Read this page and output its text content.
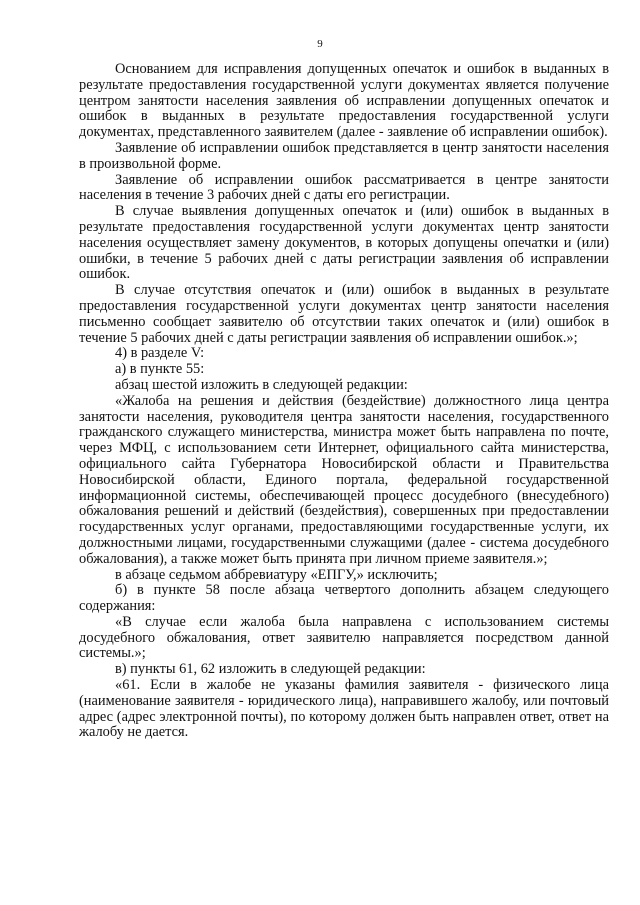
9

Основанием для исправления допущенных опечаток и ошибок в выданных в результате предоставления государственной услуги документах является получение центром занятости населения заявления об исправлении допущенных опечаток и ошибок в выданных в результате предоставления государственной услуги документах, представленного заявителем (далее - заявление об исправлении ошибок).

Заявление об исправлении ошибок представляется в центр занятости населения в произвольной форме.

Заявление об исправлении ошибок рассматривается в центре занятости населения в течение 3 рабочих дней с даты его регистрации.

В случае выявления допущенных опечаток и (или) ошибок в выданных в результате предоставления государственной услуги документах центр занятости населения осуществляет замену документов, в которых допущены опечатки и (или) ошибки, в течение 5 рабочих дней с даты регистрации заявления об исправлении ошибок.

В случае отсутствия опечаток и (или) ошибок в выданных в результате предоставления государственной услуги документах центр занятости населения письменно сообщает заявителю об отсутствии таких опечаток и (или) ошибок в течение 5 рабочих дней с даты регистрации заявления об исправлении ошибок.»;

4) в разделе V:

а) в пункте 55:

абзац шестой изложить в следующей редакции:

«Жалоба на решения и действия (бездействие) должностного лица центра занятости населения, руководителя центра занятости населения, государственного гражданского служащего министерства, министра может быть направлена по почте, через МФЦ, с использованием сети Интернет, официального сайта министерства, официального сайта Губернатора Новосибирской области и Правительства Новосибирской области, Единого портала, федеральной государственной информационной системы, обеспечивающей процесс досудебного (внесудебного) обжалования решений и действий (бездействия), совершенных при предоставлении государственных услуг органами, предоставляющими государственные услуги, их должностными лицами, государственными служащими (далее - система досудебного обжалования), а также может быть принята при личном приеме заявителя.»;

в абзаце седьмом аббревиатуру «ЕПГУ,» исключить;

б) в пункте 58 после абзаца четвертого дополнить абзацем следующего содержания:

«В случае если жалоба была направлена с использованием системы досудебного обжалования, ответ заявителю направляется посредством данной системы.»;

в) пункты 61, 62 изложить в следующей редакции:

«61. Если в жалобе не указаны фамилия заявителя - физического лица (наименование заявителя - юридического лица), направившего жалобу, или почтовый адрес (адрес электронной почты), по которому должен быть направлен ответ, ответ на жалобу не дается.
